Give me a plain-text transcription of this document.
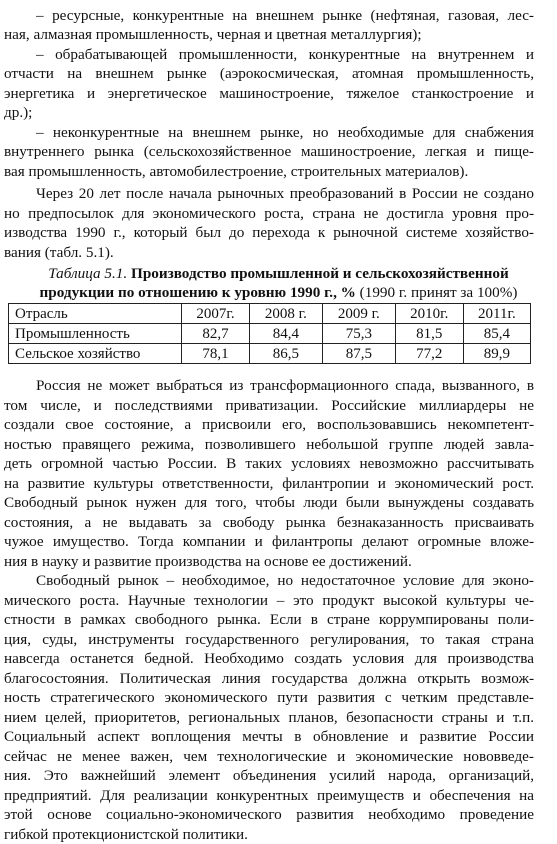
– ресурсные, конкурентные на внешнем рынке (нефтяная, газовая, лес-
ная, алмазная промышленность, черная и цветная металлургия);
– обрабатывающей промышленности, конкурентные на внутреннем и
отчасти на внешнем рынке (аэрокосмическая, атомная промышленность,
энергетика и энергетическое машиностроение, тяжелое станкостроение и
др.);
– неконкурентные на внешнем рынке, но необходимые для снабжения
внутреннего рынка (сельскохозяйственное машиностроение, легкая и пище-
вая промышленность, автомобилестроение, строительных материалов).
Через 20 лет после начала рыночных преобразований в России не создано
но предпосылок для экономического роста, страна не достигла уровня про-
изводства 1990 г., который был до перехода к рыночной системе хозяйство-
вания (табл. 5.1).
Таблица 5.1. Производство промышленной и сельскохозяйственной
продукции по отношению к уровню 1990 г., % (1990 г. принят за 100%)
Отрасль	2007г.	2008 г.	2009 г.	2010г.	2011г.
Промышленность	82,7	84,4	75,3	81,5	85,4
Сельское хозяйство	78,1	86,5	87,5	77,2	89,9
Россия не может выбраться из трансформационного спада, вызванного, в
том числе, и последствиями приватизации. Российские миллиардеры не
создали свое состояние, а присвоили его, воспользовавшись некомпетент-
ностью правящего режима, позволившего небольшой группе людей завла-
деть огромной частью России. В таких условиях невозможно рассчитывать
на развитие культуры ответственности, филантропии и экономический рост.
Свободный рынок нужен для того, чтобы люди были вынуждены создавать
состояния, а не выдавать за свободу рынка безнаказанность присваивать
чужое имущество. Тогда компании и филантропы делают огромные вложе-
ния в науку и развитие производства на основе ее достижений.
Свободный рынок – необходимое, но недостаточное условие для эконо-
мического роста. Научные технологии – это продукт высокой культуры че-
стности в рамках свободного рынка. Если в стране коррумпированы поли-
ция, суды, инструменты государственного регулирования, то такая страна
навсегда останется бедной. Необходимо создать условия для производства
благосостояния. Политическая линия государства должна открыть возмож-
ность стратегического экономического пути развития с четким представле-
нием целей, приоритетов, региональных планов, безопасности страны и т.п.
Социальный аспект воплощения мечты в обновление и развитие России
сейчас не менее важен, чем технологические и экономические нововведе-
ния. Это важнейший элемент объединения усилий народа, организаций,
предприятий. Для реализации конкурентных преимуществ и обеспечения на
этой основе социально-экономического развития необходимо проведение
гибкой протекционистской политики.
